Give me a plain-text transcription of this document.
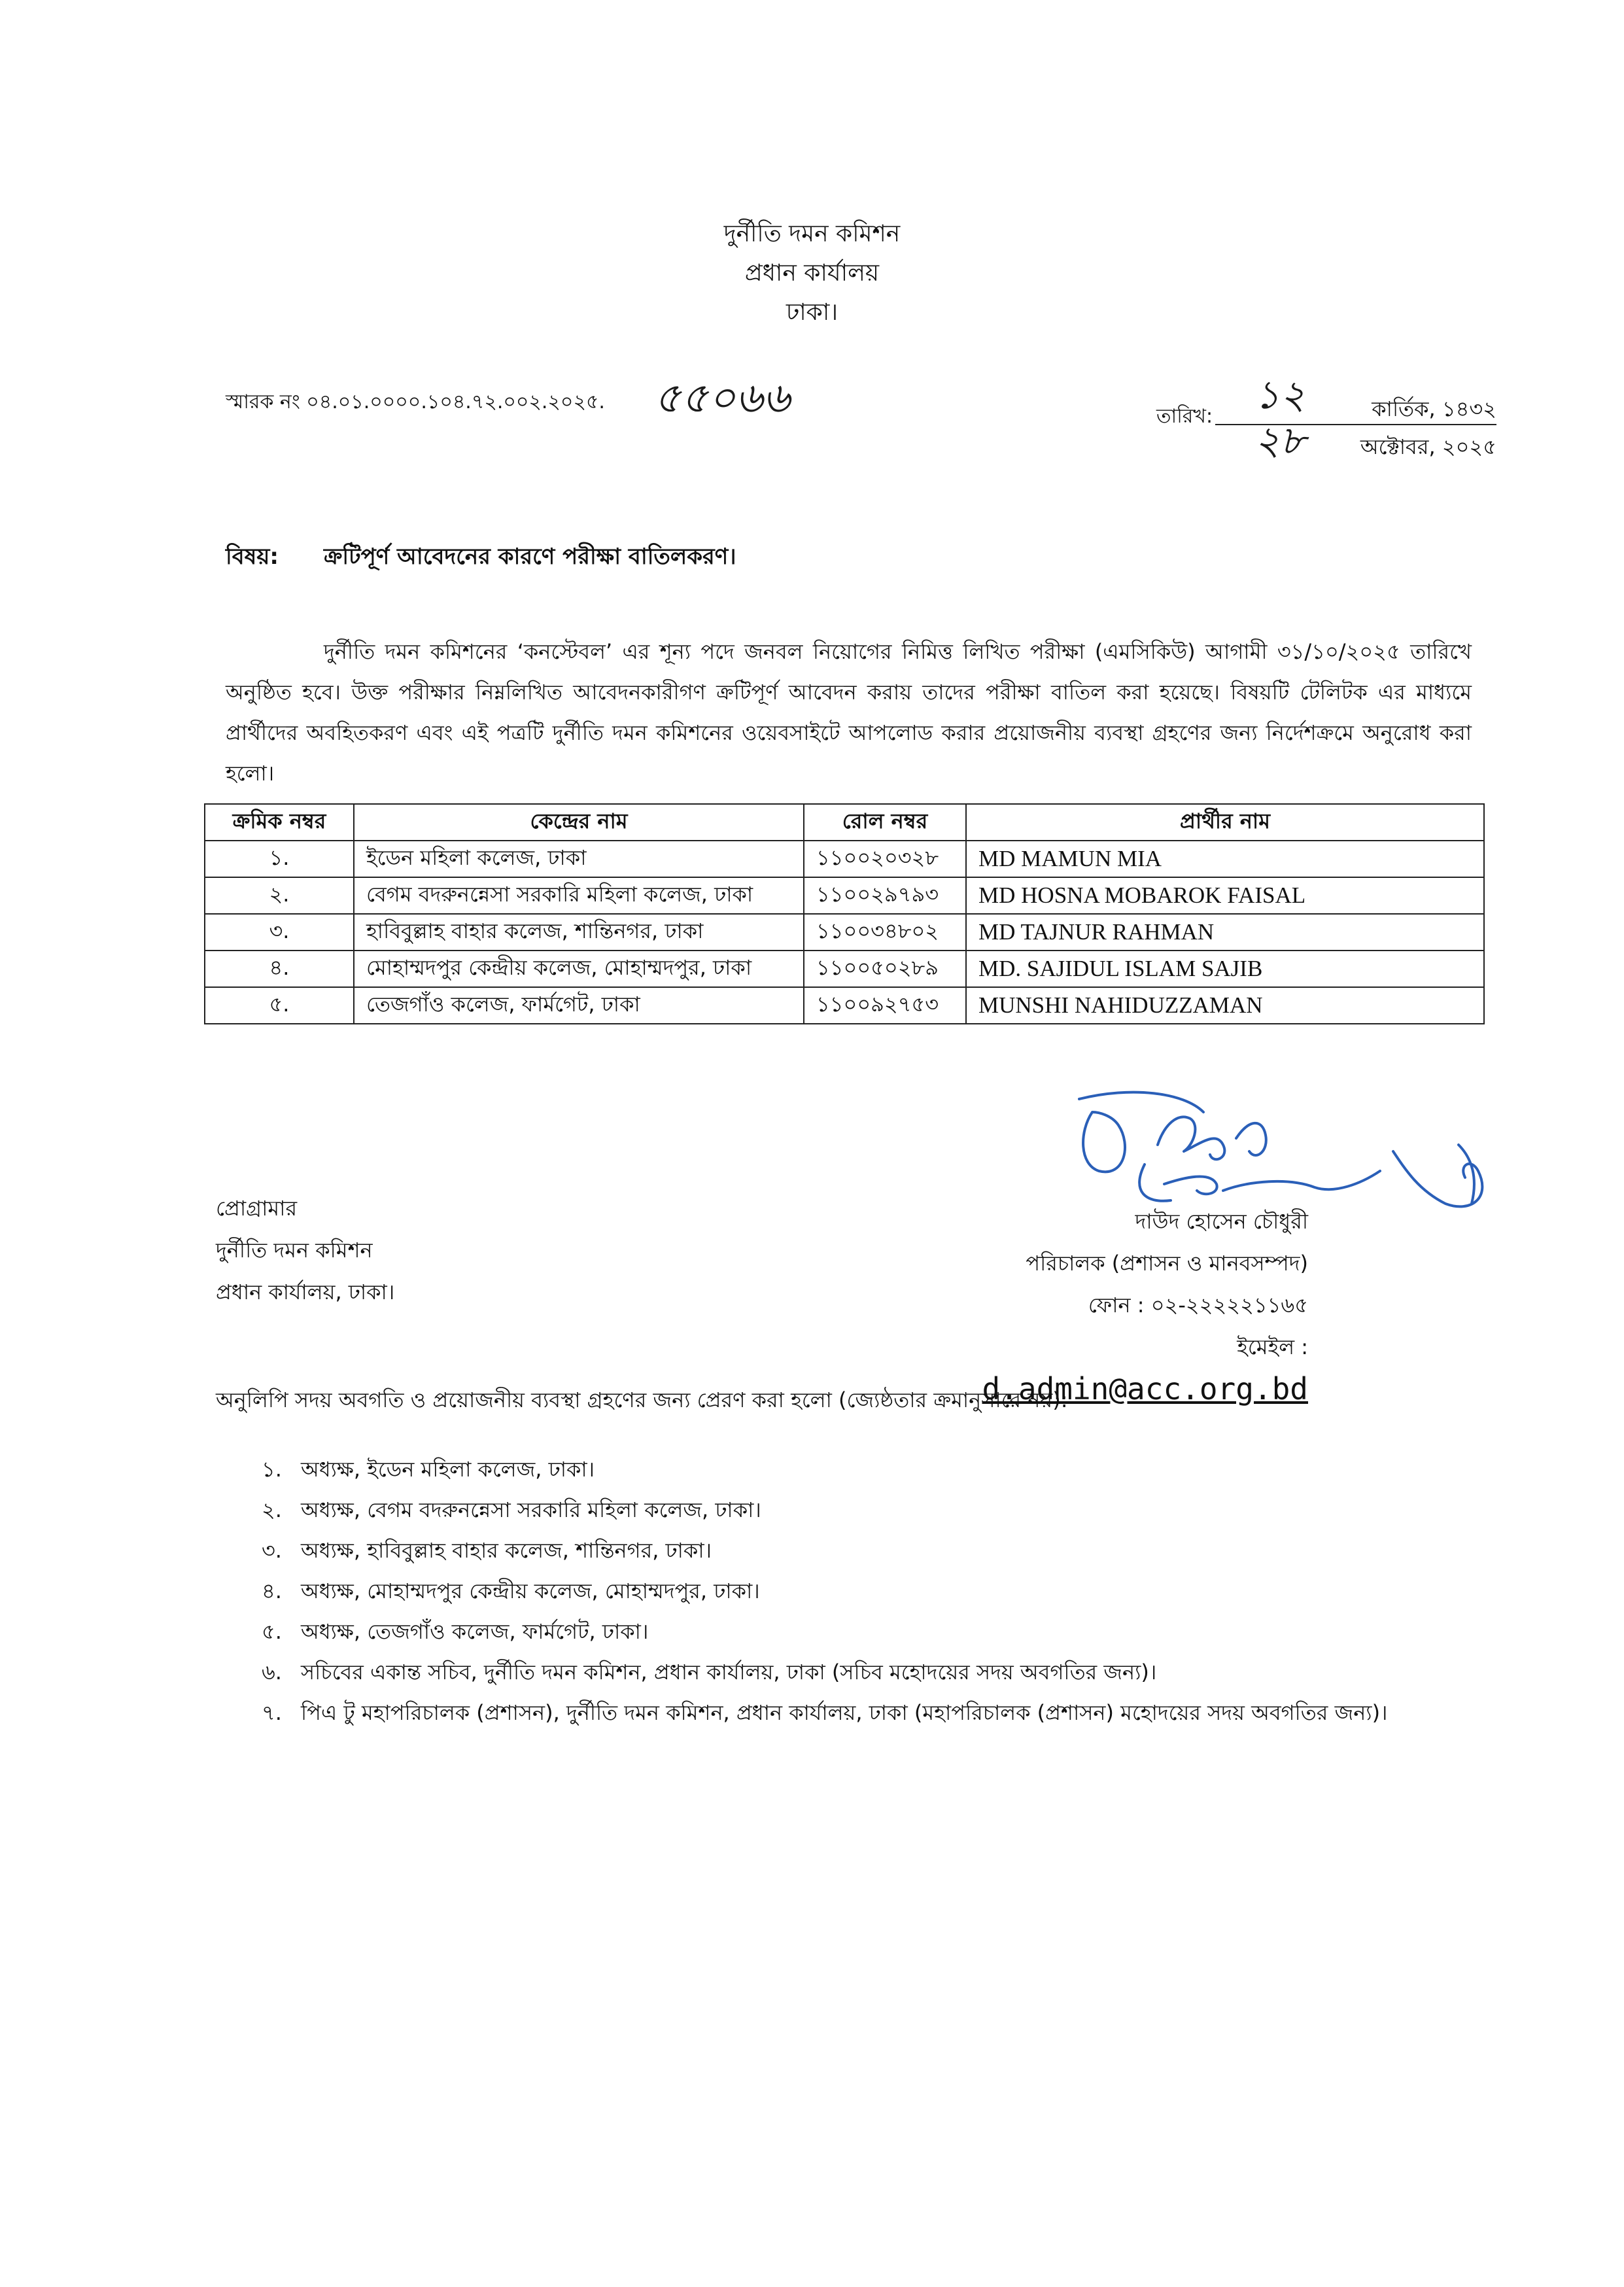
দুর্নীতি দমন কমিশন
প্রধান কার্যালয়
ঢাকা।
স্মারক নং ০৪.০১.০০০০.১০৪.৭২.০০২.২০২৫. ৫৫০৬৬	তারিখ: ১২	কার্তিক, ১৪৩২
২৮	অক্টোবর, ২০২৫
বিষয়: ক্রটিপূর্ণ আবেদনের কারণে পরীক্ষা বাতিলকরণ।
দুর্নীতি দমন কমিশনের ‘কনস্টেবল’ এর শূন্য পদে জনবল নিয়োগের নিমিত্ত লিখিত পরীক্ষা (এমসিকিউ) আগামী ৩১/১০/২০২৫ তারিখে অনুষ্ঠিত হবে। উক্ত পরীক্ষার নিম্নলিখিত আবেদনকারীগণ ক্রটিপূর্ণ আবেদন করায় তাদের পরীক্ষা বাতিল করা হয়েছে। বিষয়টি টেলিটক এর মাধ্যমে প্রার্থীদের অবহিতকরণ এবং এই পত্রটি দুর্নীতি দমন কমিশনের ওয়েবসাইটে আপলোড করার প্রয়োজনীয় ব্যবস্থা গ্রহণের জন্য নির্দেশক্রমে অনুরোধ করা হলো।
ক্রমিক নম্বর	কেন্দ্রের নাম	রোল নম্বর	প্রার্থীর নাম
১.	ইডেন মহিলা কলেজ, ঢাকা	১১০০২০৩২৮	MD MAMUN MIA
২.	বেগম বদরুনন্নেসা সরকারি মহিলা কলেজ, ঢাকা	১১০০২৯৭৯৩	MD HOSNA MOBAROK FAISAL
৩.	হাবিবুল্লাহ বাহার কলেজ, শান্তিনগর, ঢাকা	১১০০৩৪৮০২	MD TAJNUR RAHMAN
৪.	মোহাম্মদপুর কেন্দ্রীয় কলেজ, মোহাম্মদপুর, ঢাকা	১১০০৫০২৮৯	MD. SAJIDUL ISLAM SAJIB
৫.	তেজগাঁও কলেজ, ফার্মগেট, ঢাকা	১১০০৯২৭৫৩	MUNSHI NAHIDUZZAMAN
প্রোগ্রামার
দুর্নীতি দমন কমিশন
প্রধান কার্যালয়, ঢাকা।
দাউদ হোসেন চৌধুরী
পরিচালক (প্রশাসন ও মানবসম্পদ)
ফোন : ০২-২২২২২১১৬৫
ইমেইল : d.admin@acc.org.bd
অনুলিপি সদয় অবগতি ও প্রয়োজনীয় ব্যবস্থা গ্রহণের জন্য প্রেরণ করা হলো (জ্যেষ্ঠতার ক্রমানুসারে নয়):
১. অধ্যক্ষ, ইডেন মহিলা কলেজ, ঢাকা।
২. অধ্যক্ষ, বেগম বদরুনন্নেসা সরকারি মহিলা কলেজ, ঢাকা।
৩. অধ্যক্ষ, হাবিবুল্লাহ বাহার কলেজ, শান্তিনগর, ঢাকা।
৪. অধ্যক্ষ, মোহাম্মদপুর কেন্দ্রীয় কলেজ, মোহাম্মদপুর, ঢাকা।
৫. অধ্যক্ষ, তেজগাঁও কলেজ, ফার্মগেট, ঢাকা।
৬. সচিবের একান্ত সচিব, দুর্নীতি দমন কমিশন, প্রধান কার্যালয়, ঢাকা (সচিব মহোদয়ের সদয় অবগতির জন্য)।
৭. পিএ টু মহাপরিচালক (প্রশাসন), দুর্নীতি দমন কমিশন, প্রধান কার্যালয়, ঢাকা (মহাপরিচালক (প্রশাসন) মহোদয়ের সদয় অবগতির জন্য)।
